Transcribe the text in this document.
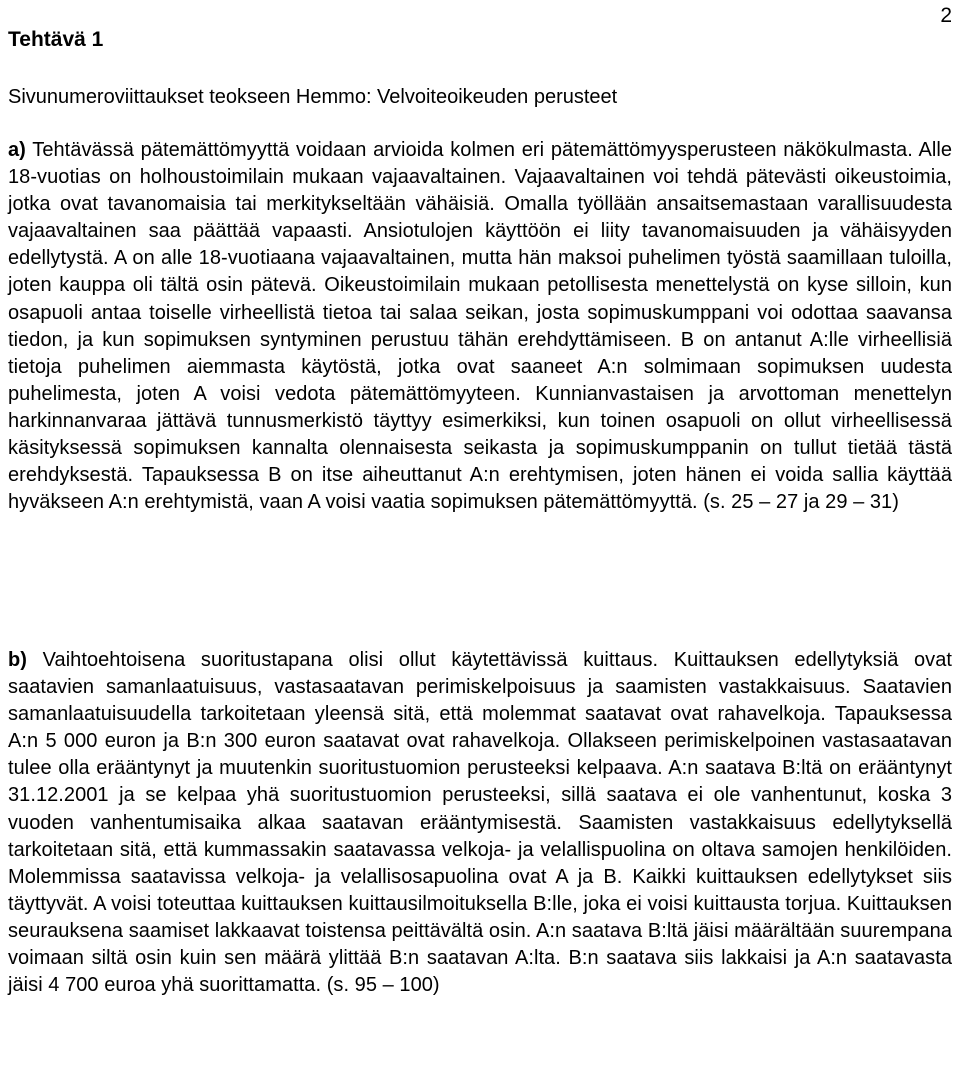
2
Tehtävä 1

Sivunumeroviittaukset teokseen Hemmo: Velvoiteoikeuden perusteet

a) Tehtävässä pätemättömyyttä voidaan arvioida kolmen eri pätemättömyysperusteen näkökulmasta. Alle 18-vuotias on holhoustoimilain mukaan vajaavaltainen. Vajaavaltainen voi tehdä pätevästi oikeustoimia, jotka ovat tavanomaisia tai merkitykseltään vähäisiä. Omalla työllään ansaitsemastaan varallisuudesta vajaavaltainen saa päättää vapaasti. Ansiotulojen käyttöön ei liity tavanomaisuuden ja vähäisyyden edellytystä. A on alle 18-vuotiaana vajaavaltainen, mutta hän maksoi puhelimen työstä saamillaan tuloilla, joten kauppa oli tältä osin pätevä. Oikeustoimilain mukaan petollisesta menettelystä on kyse silloin, kun osapuoli antaa toiselle virheellistä tietoa tai salaa seikan, josta sopimuskumppani voi odottaa saavansa tiedon, ja kun sopimuksen syntyminen perustuu tähän erehdyttämiseen. B on antanut A:lle virheellisiä tietoja puhelimen aiemmasta käytöstä, jotka ovat saaneet A:n solmimaan sopimuksen uudesta puhelimesta, joten A voisi vedota pätemättömyyteen. Kunnianvastaisen ja arvottoman menettelyn harkinnanvaraa jättävä tunnusmerkistö täyttyy esimerkiksi, kun toinen osapuoli on ollut virheellisessä käsityksessä sopimuksen kannalta olennaisesta seikasta ja sopimuskumppanin on tullut tietää tästä erehdyksestä. Tapauksessa B on itse aiheuttanut A:n erehtymisen, joten hänen ei voida sallia käyttää hyväkseen A:n erehtymistä, vaan A voisi vaatia sopimuksen pätemättömyyttä. (s. 25 – 27 ja 29 – 31)

b) Vaihtoehtoisena suoritustapana olisi ollut käytettävissä kuittaus. Kuittauksen edellytyksiä ovat saatavien samanlaatuisuus, vastasaatavan perimiskelpoisuus ja saamisten vastakkaisuus. Saatavien samanlaatuisuudella tarkoitetaan yleensä sitä, että molemmat saatavat ovat rahavelkoja. Tapauksessa A:n 5 000 euron ja B:n 300 euron saatavat ovat rahavelkoja. Ollakseen perimiskelpoinen vastasaatavan tulee olla erääntynyt ja muutenkin suoritustuomion perusteeksi kelpaava. A:n saatava B:ltä on erääntynyt 31.12.2001 ja se kelpaa yhä suoritustuomion perusteeksi, sillä saatava ei ole vanhentunut, koska 3 vuoden vanhentumisaika alkaa saatavan erääntymisestä. Saamisten vastakkaisuus edellytyksellä tarkoitetaan sitä, että kummassakin saatavassa velkoja- ja velallispuolina on oltava samojen henkilöiden. Molemmissa saatavissa velkoja- ja velallisosapuolina ovat A ja B. Kaikki kuittauksen edellytykset siis täyttyvät. A voisi toteuttaa kuittauksen kuittausilmoituksella B:lle, joka ei voisi kuittausta torjua. Kuittauksen seurauksena saamiset lakkaavat toistensa peittävältä osin. A:n saatava B:ltä jäisi määrältään suurempana voimaan siltä osin kuin sen määrä ylittää B:n saatavan A:lta. B:n saatava siis lakkaisi ja A:n saatavasta jäisi 4 700 euroa yhä suorittamatta. (s. 95 – 100)
